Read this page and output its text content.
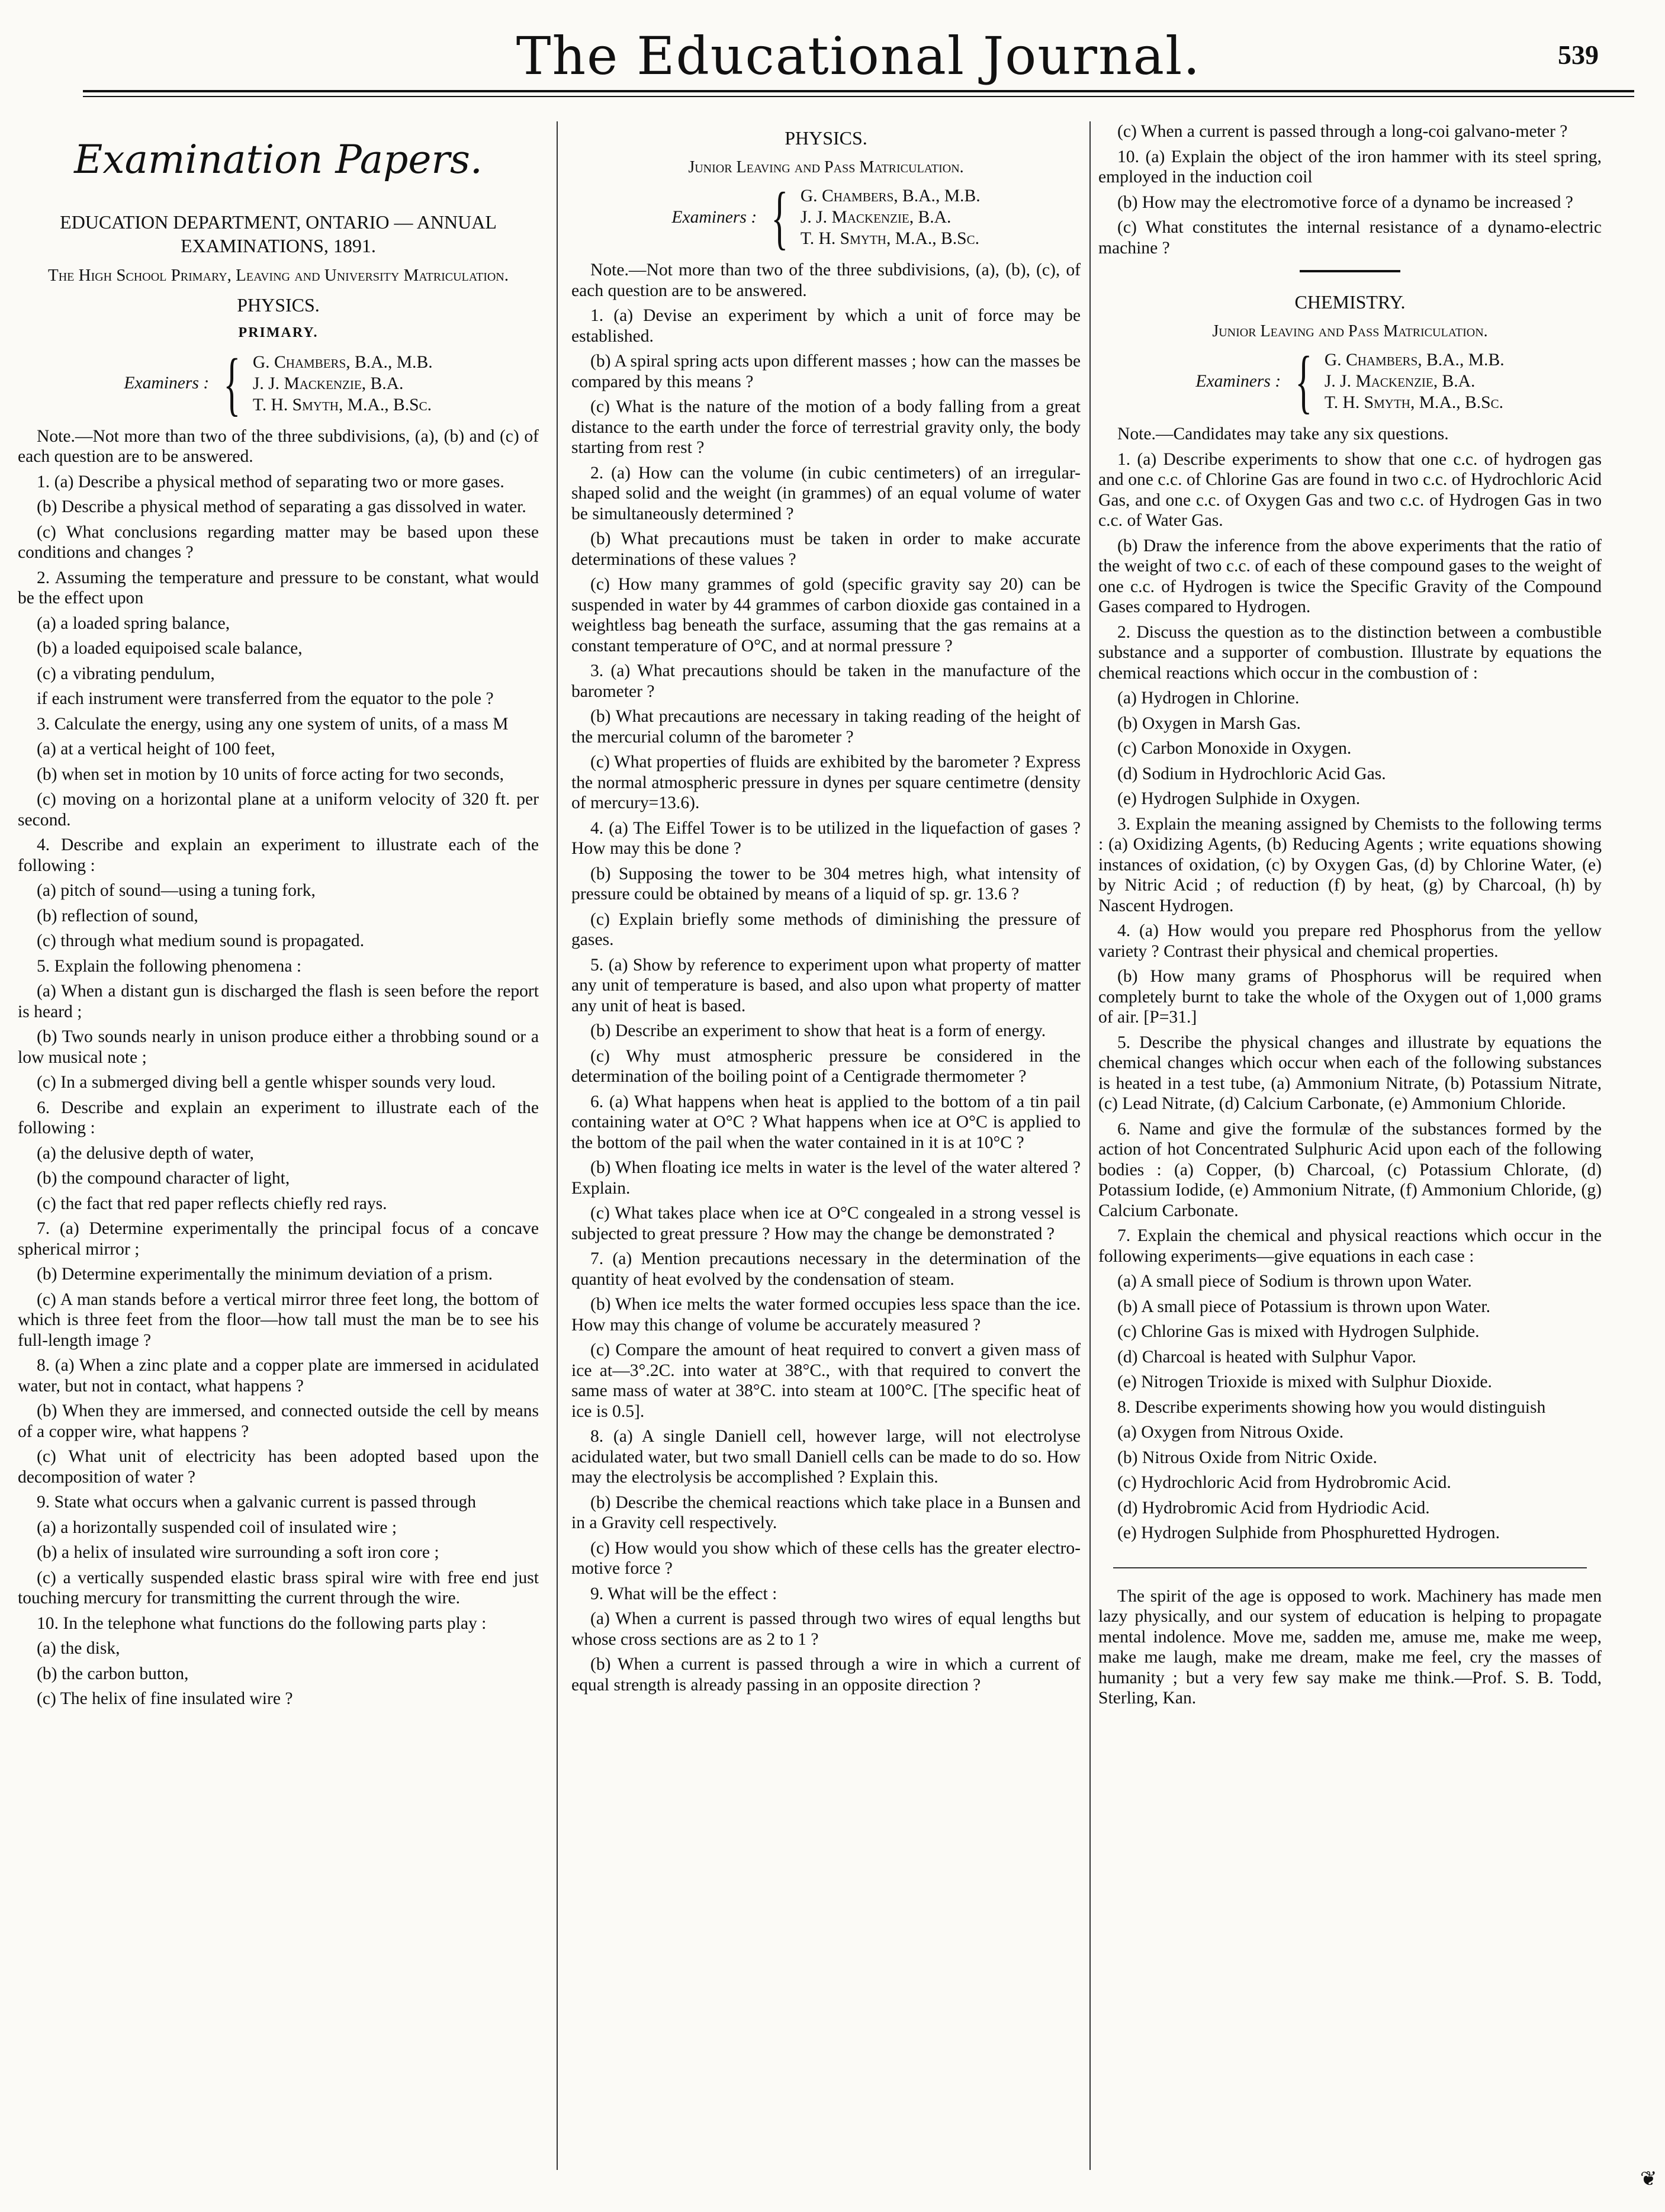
The Educational Journal.	539
Examination Papers.
EDUCATION DEPARTMENT, ONTARIO — ANNUAL EXAMINATIONS, 1891.
The High School Primary, Leaving and University Matriculation.
PHYSICS.
PRIMARY.
Examiners : { G. Chambers, B.A., M.B.
J. J. Mackenzie, B.A.
T. H. Smyth, M.A., B.Sc.

Note.—Not more than two of the three subdivisions, (a), (b) and (c) of each question are to be answered.

1. (a) Describe a physical method of separating two or more gases.

(b) Describe a physical method of separating a gas dissolved in water.

(c) What conclusions regarding matter may be based upon these conditions and changes ?

2. Assuming the temperature and pressure to be constant, what would be the effect upon

(a) a loaded spring balance,

(b) a loaded equipoised scale balance,

(c) a vibrating pendulum,

if each instrument were transferred from the equator to the pole ?

3. Calculate the energy, using any one system of units, of a mass M

(a) at a vertical height of 100 feet,

(b) when set in motion by 10 units of force acting for two seconds,

(c) moving on a horizontal plane at a uniform velocity of 320 ft. per second.

4. Describe and explain an experiment to illustrate each of the following :

(a) pitch of sound—using a tuning fork,

(b) reflection of sound,

(c) through what medium sound is propagated.

5. Explain the following phenomena :

(a) When a distant gun is discharged the flash is seen before the report is heard ;

(b) Two sounds nearly in unison produce either a throbbing sound or a low musical note ;

(c) In a submerged diving bell a gentle whisper sounds very loud.

6. Describe and explain an experiment to illustrate each of the following :

(a) the delusive depth of water,

(b) the compound character of light,

(c) the fact that red paper reflects chiefly red rays.

7. (a) Determine experimentally the principal focus of a concave spherical mirror ;

(b) Determine experimentally the minimum deviation of a prism.

(c) A man stands before a vertical mirror three feet long, the bottom of which is three feet from the floor—how tall must the man be to see his full-length image ?

8. (a) When a zinc plate and a copper plate are immersed in acidulated water, but not in contact, what happens ?

(b) When they are immersed, and connected outside the cell by means of a copper wire, what happens ?

(c) What unit of electricity has been adopted based upon the decomposition of water ?

9. State what occurs when a galvanic current is passed through

(a) a horizontally suspended coil of insulated wire ;

(b) a helix of insulated wire surrounding a soft iron core ;

(c) a vertically suspended elastic brass spiral wire with free end just touching mercury for transmitting the current through the wire.

10. In the telephone what functions do the following parts play :

(a) the disk,

(b) the carbon button,

(c) The helix of fine insulated wire ?

PHYSICS.
Junior Leaving and Pass Matriculation.
Examiners : { G. Chambers, B.A., M.B.
J. J. Mackenzie, B.A.
T. H. Smyth, M.A., B.Sc.

Note.—Not more than two of the three subdivisions, (a), (b), (c), of each question are to be answered.

1. (a) Devise an experiment by which a unit of force may be established.

(b) A spiral spring acts upon different masses ; how can the masses be compared by this means ?

(c) What is the nature of the motion of a body falling from a great distance to the earth under the force of terrestrial gravity only, the body starting from rest ?

2. (a) How can the volume (in cubic centimeters) of an irregular-shaped solid and the weight (in grammes) of an equal volume of water be simultaneously determined ?

(b) What precautions must be taken in order to make accurate determinations of these values ?

(c) How many grammes of gold (specific gravity say 20) can be suspended in water by 44 grammes of carbon dioxide gas contained in a weightless bag beneath the surface, assuming that the gas remains at a constant temperature of O°C, and at normal pressure ?

3. (a) What precautions should be taken in the manufacture of the barometer ?

(b) What precautions are necessary in taking reading of the height of the mercurial column of the barometer ?

(c) What properties of fluids are exhibited by the barometer ? Express the normal atmospheric pressure in dynes per square centimetre (density of mercury=13.6).

4. (a) The Eiffel Tower is to be utilized in the liquefaction of gases ? How may this be done ?

(b) Supposing the tower to be 304 metres high, what intensity of pressure could be obtained by means of a liquid of sp. gr. 13.6 ?

(c) Explain briefly some methods of diminishing the pressure of gases.

5. (a) Show by reference to experiment upon what property of matter any unit of temperature is based, and also upon what property of matter any unit of heat is based.

(b) Describe an experiment to show that heat is a form of energy.

(c) Why must atmospheric pressure be considered in the determination of the boiling point of a Centigrade thermometer ?

6. (a) What happens when heat is applied to the bottom of a tin pail containing water at O°C ? What happens when ice at O°C is applied to the bottom of the pail when the water contained in it is at 10°C ?

(b) When floating ice melts in water is the level of the water altered ? Explain.

(c) What takes place when ice at O°C congealed in a strong vessel is subjected to great pressure ? How may the change be demonstrated ?

7. (a) Mention precautions necessary in the determination of the quantity of heat evolved by the condensation of steam.

(b) When ice melts the water formed occupies less space than the ice. How may this change of volume be accurately measured ?

(c) Compare the amount of heat required to convert a given mass of ice at—3°.2C. into water at 38°C., with that required to convert the same mass of water at 38°C. into steam at 100°C. [The specific heat of ice is 0.5].

8. (a) A single Daniell cell, however large, will not electrolyse acidulated water, but two small Daniell cells can be made to do so. How may the electrolysis be accomplished ? Explain this.

(b) Describe the chemical reactions which take place in a Bunsen and in a Gravity cell respectively.

(c) How would you show which of these cells has the greater electro-motive force ?

9. What will be the effect :

(a) When a current is passed through two wires of equal lengths but whose cross sections are as 2 to 1 ?

(b) When a current is passed through a wire in which a current of equal strength is already passing in an opposite direction ?

(c) When a current is passed through a long-coi galvano-meter ?

10. (a) Explain the object of the iron hammer with its steel spring, employed in the induction coil

(b) How may the electromotive force of a dynamo be increased ?

(c) What constitutes the internal resistance of a dynamo-electric machine ?

CHEMISTRY.
Junior Leaving and Pass Matriculation.
Examiners : { G. Chambers, B.A., M.B.
J. J. Mackenzie, B.A.
T. H. Smyth, M.A., B.Sc.

Note.—Candidates may take any six questions.

1. (a) Describe experiments to show that one c.c. of hydrogen gas and one c.c. of Chlorine Gas are found in two c.c. of Hydrochloric Acid Gas, and one c.c. of Oxygen Gas and two c.c. of Hydrogen Gas in two c.c. of Water Gas.

(b) Draw the inference from the above experiments that the ratio of the weight of two c.c. of each of these compound gases to the weight of one c.c. of Hydrogen is twice the Specific Gravity of the Compound Gases compared to Hydrogen.

2. Discuss the question as to the distinction between a combustible substance and a supporter of combustion. Illustrate by equations the chemical reactions which occur in the combustion of :

(a) Hydrogen in Chlorine.

(b) Oxygen in Marsh Gas.

(c) Carbon Monoxide in Oxygen.

(d) Sodium in Hydrochloric Acid Gas.

(e) Hydrogen Sulphide in Oxygen.

3. Explain the meaning assigned by Chemists to the following terms : (a) Oxidizing Agents, (b) Reducing Agents ; write equations showing instances of oxidation, (c) by Oxygen Gas, (d) by Chlorine Water, (e) by Nitric Acid ; of reduction (f) by heat, (g) by Charcoal, (h) by Nascent Hydrogen.

4. (a) How would you prepare red Phosphorus from the yellow variety ? Contrast their physical and chemical properties.

(b) How many grams of Phosphorus will be required when completely burnt to take the whole of the Oxygen out of 1,000 grams of air. [P=31.]

5. Describe the physical changes and illustrate by equations the chemical changes which occur when each of the following substances is heated in a test tube, (a) Ammonium Nitrate, (b) Potassium Nitrate, (c) Lead Nitrate, (d) Calcium Carbonate, (e) Ammonium Chloride.

6. Name and give the formulæ of the substances formed by the action of hot Concentrated Sulphuric Acid upon each of the following bodies : (a) Copper, (b) Charcoal, (c) Potassium Chlorate, (d) Potassium Iodide, (e) Ammonium Nitrate, (f) Ammonium Chloride, (g) Calcium Carbonate.

7. Explain the chemical and physical reactions which occur in the following experiments—give equations in each case :

(a) A small piece of Sodium is thrown upon Water.

(b) A small piece of Potassium is thrown upon Water.

(c) Chlorine Gas is mixed with Hydrogen Sulphide.

(d) Charcoal is heated with Sulphur Vapor.

(e) Nitrogen Trioxide is mixed with Sulphur Dioxide.

8. Describe experiments showing how you would distinguish

(a) Oxygen from Nitrous Oxide.

(b) Nitrous Oxide from Nitric Oxide.

(c) Hydrochloric Acid from Hydrobromic Acid.

(d) Hydrobromic Acid from Hydriodic Acid.

(e) Hydrogen Sulphide from Phosphuretted Hydrogen.

The spirit of the age is opposed to work. Machinery has made men lazy physically, and our system of education is helping to propagate mental indolence. Move me, sadden me, amuse me, make me weep, make me laugh, make me dream, make me feel, cry the masses of humanity ; but a very few say make me think.—Prof. S. B. Todd, Sterling, Kan.

❦
